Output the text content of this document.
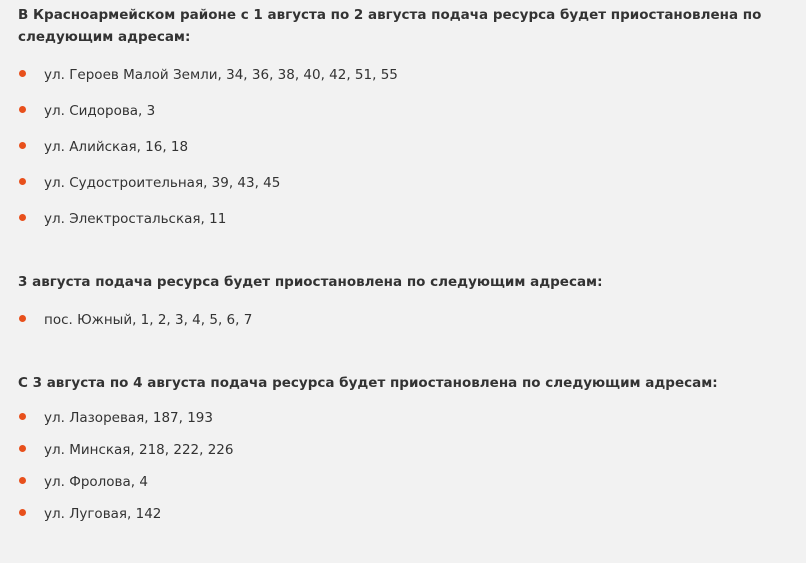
В Красноармейском районе с 1 августа по 2 августа подача ресурса будет приостановлена по следующим адресам:

ул. Героев Малой Земли, 34, 36, 38, 40, 42, 51, 55
ул. Сидорова, 3
ул. Алийская, 16, 18
ул. Судостроительная, 39, 43, 45
ул. Электростальская, 11

3 августа подача ресурса будет приостановлена по следующим адресам:

пос. Южный, 1, 2, 3, 4, 5, 6, 7

С 3 августа по 4 августа подача ресурса будет приостановлена по следующим адресам:

ул. Лазоревая, 187, 193
ул. Минская, 218, 222, 226
ул. Фролова, 4
ул. Луговая, 142
